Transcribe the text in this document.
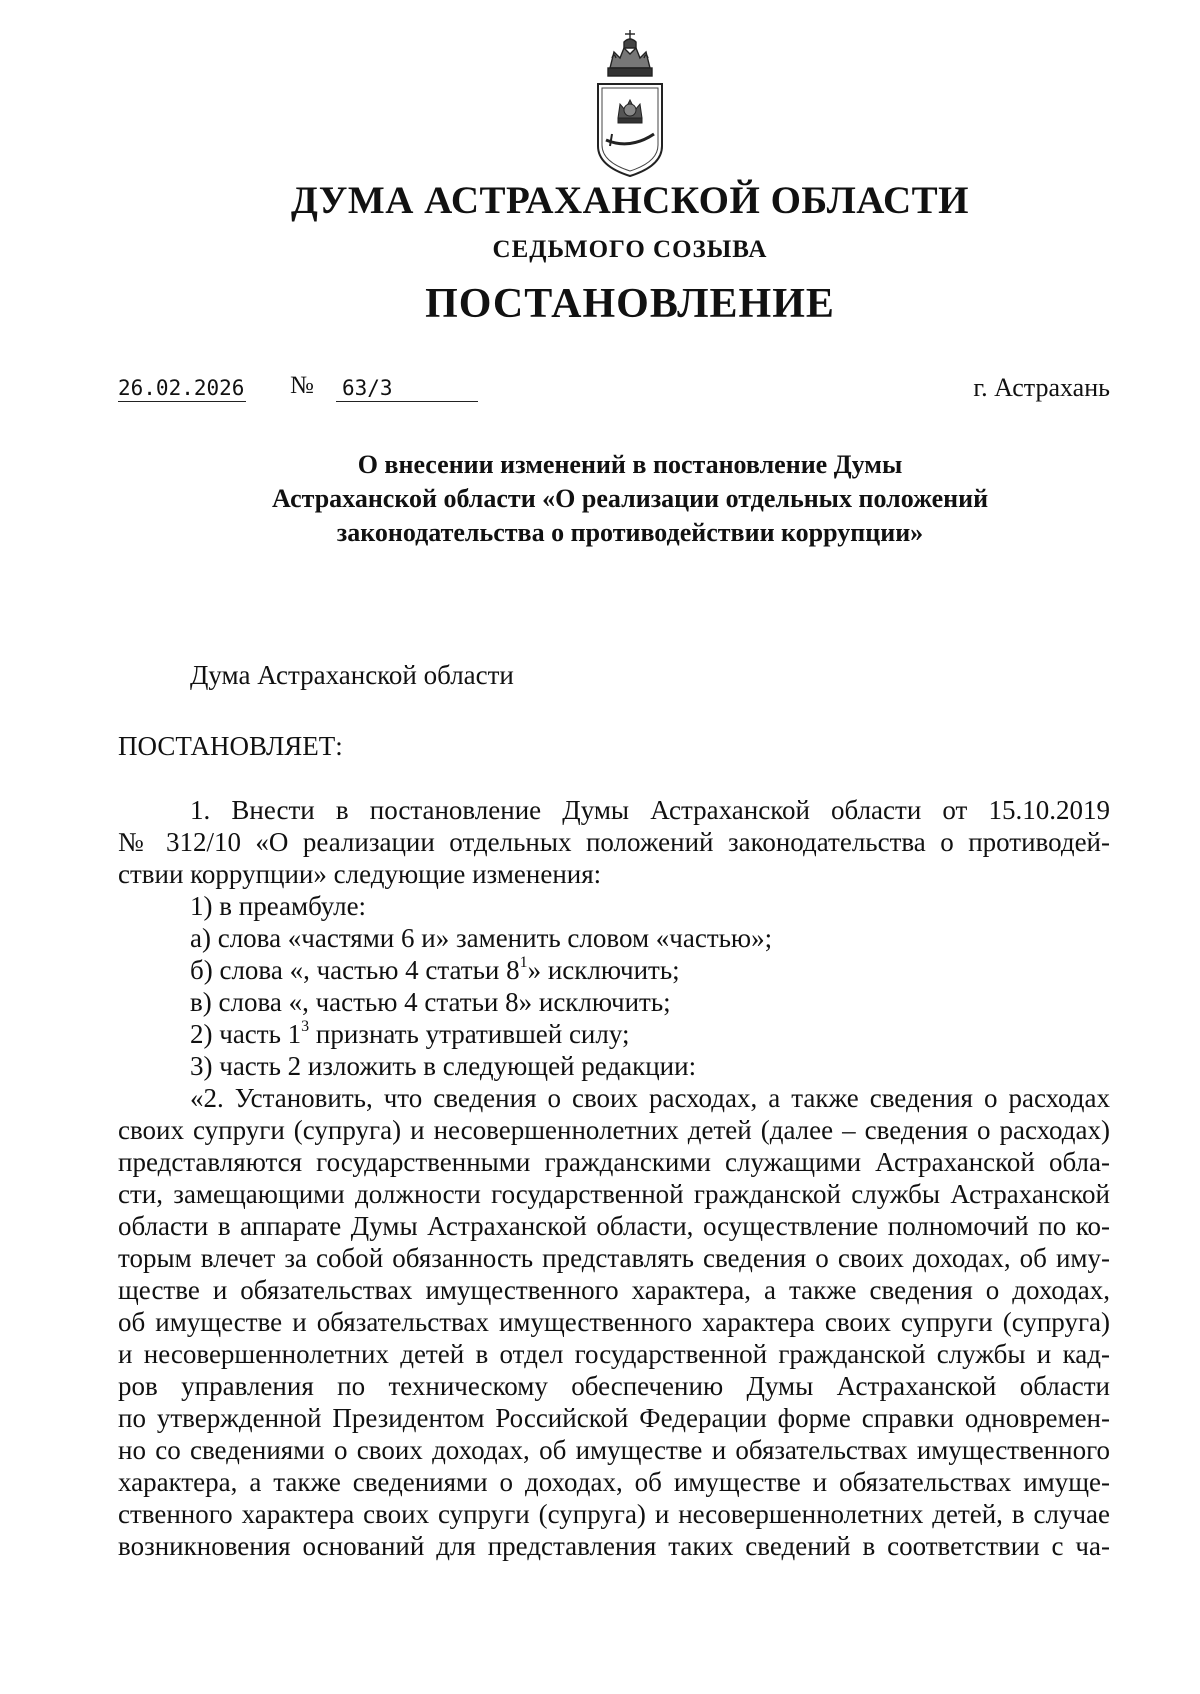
ДУМА АСТРАХАНСКОЙ ОБЛАСТИ
СЕДЬМОГО СОЗЫВА
ПОСТАНОВЛЕНИЕ
26.02.2026 № 63/3	г. Астрахань
О внесении изменений в постановление Думы
Астраханской области «О реализации отдельных положений
законодательства о противодействии коррупции»
Дума Астраханской области
ПОСТАНОВЛЯЕТ:
1. Внести в постановление Думы Астраханской области от 15.10.2019
№ 312/10 «О реализации отдельных положений законодательства о противодей-
ствии коррупции» следующие изменения:
1) в преамбуле:
а) слова «частями 6 и» заменить словом «частью»;
б) слова «, частью 4 статьи $8^1$» исключить;
в) слова «, частью 4 статьи 8» исключить;
2) часть $1^3$ признать утратившей силу;
3) часть 2 изложить в следующей редакции:
«2. Установить, что сведения о своих расходах, а также сведения о расходах
своих супруги (супруга) и несовершеннолетних детей (далее – сведения о расходах)
представляются государственными гражданскими служащими Астраханской обла-
сти, замещающими должности государственной гражданской службы Астраханской
области в аппарате Думы Астраханской области, осуществление полномочий по ко-
торым влечет за собой обязанность представлять сведения о своих доходах, об иму-
ществе и обязательствах имущественного характера, а также сведения о доходах,
об имуществе и обязательствах имущественного характера своих супруги (супруга)
и несовершеннолетних детей в отдел государственной гражданской службы и кад-
ров управления по техническому обеспечению Думы Астраханской области
по утвержденной Президентом Российской Федерации форме справки одновремен-
но со сведениями о своих доходах, об имуществе и обязательствах имущественного
характера, а также сведениями о доходах, об имуществе и обязательствах имуще-
ственного характера своих супруги (супруга) и несовершеннолетних детей, в случае
возникновения оснований для представления таких сведений в соответствии с ча-
